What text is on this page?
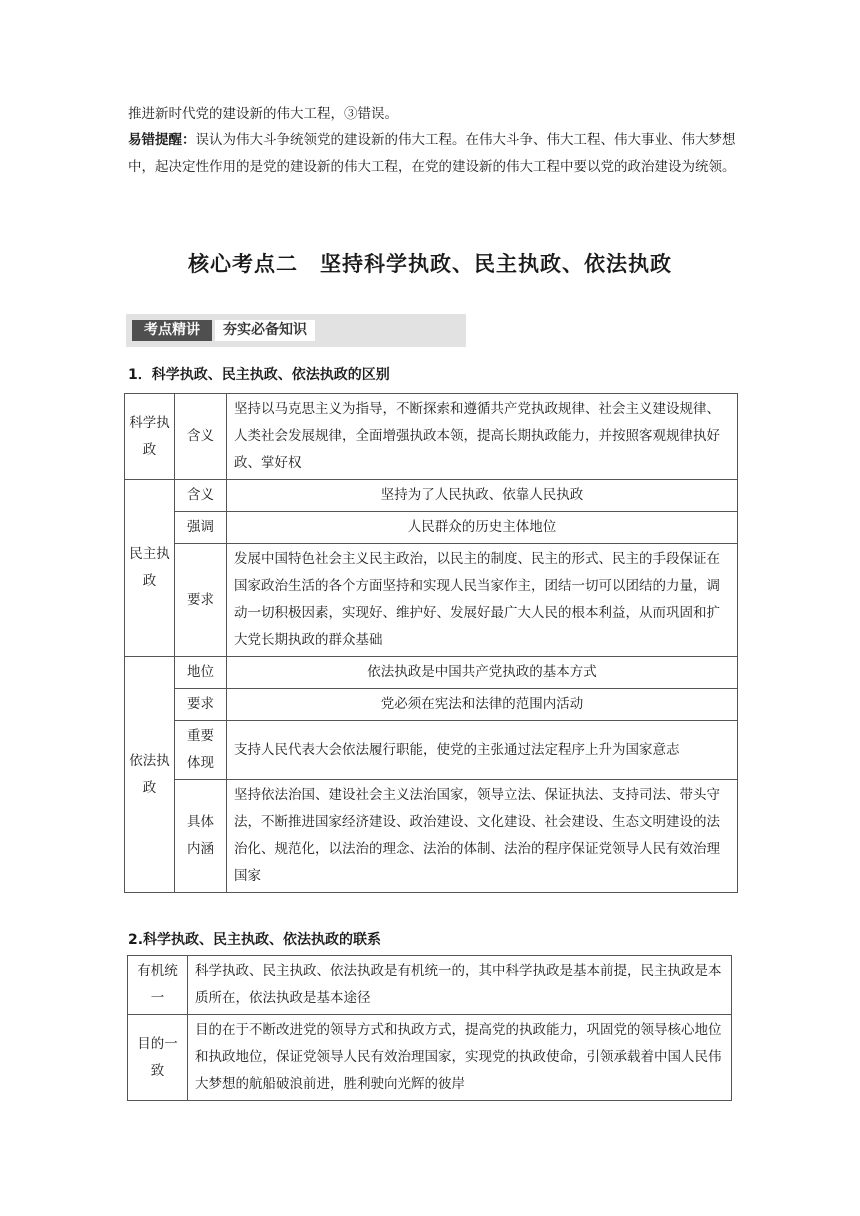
推进新时代党的建设新的伟大工程，③错误。

易错提醒：误认为伟大斗争统领党的建设新的伟大工程。在伟大斗争、伟大工程、伟大事业、伟大梦想中，起决定性作用的是党的建设新的伟大工程，在党的建设新的伟大工程中要以党的政治建设为统领。

核心考点二　坚持科学执政、民主执政、依法执政
考点精讲	夯实必备知识
1．科学执政、民主执政、依法执政的区别
科学执政	含义	坚持以马克思主义为指导，不断探索和遵循共产党执政规律、社会主义建设规律、人类社会发展规律，全面增强执政本领，提高长期执政能力，并按照客观规律执好政、掌好权
民主执政	含义	坚持为了人民执政、依靠人民执政
	强调	人民群众的历史主体地位
	要求	发展中国特色社会主义民主政治，以民主的制度、民主的形式、民主的手段保证在国家政治生活的各个方面坚持和实现人民当家作主，团结一切可以团结的力量，调动一切积极因素，实现好、维护好、发展好最广大人民的根本利益，从而巩固和扩大党长期执政的群众基础
依法执政	地位	依法执政是中国共产党执政的基本方式
	要求	党必须在宪法和法律的范围内活动
	重要体现	支持人民代表大会依法履行职能，使党的主张通过法定程序上升为国家意志
	具体内涵	坚持依法治国、建设社会主义法治国家，领导立法、保证执法、支持司法、带头守法，不断推进国家经济建设、政治建设、文化建设、社会建设、生态文明建设的法治化、规范化，以法治的理念、法治的体制、法治的程序保证党领导人民有效治理国家
2.科学执政、民主执政、依法执政的联系
有机统一	科学执政、民主执政、依法执政是有机统一的，其中科学执政是基本前提，民主执政是本质所在，依法执政是基本途径
目的一致	目的在于不断改进党的领导方式和执政方式，提高党的执政能力，巩固党的领导核心地位和执政地位，保证党领导人民有效治理国家，实现党的执政使命，引领承载着中国人民伟大梦想的航船破浪前进，胜利驶向光辉的彼岸
